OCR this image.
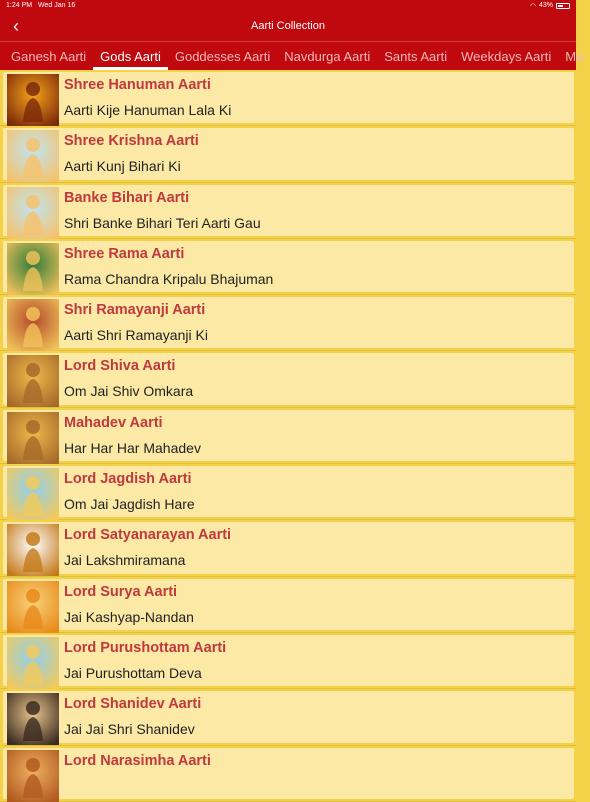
1:24 PM Wed Jan 16	◠ 43%
‹	Aarti Collection
Ganesh Aarti	Gods Aarti	Goddesses Aarti	Navdurga Aarti	Sants Aarti	Weekdays Aarti	Ma
Shree Hanuman Aarti
Aarti Kije Hanuman Lala Ki
Shree Krishna Aarti
Aarti Kunj Bihari Ki
Banke Bihari Aarti
Shri Banke Bihari Teri Aarti Gau
Shree Rama Aarti
Rama Chandra Kripalu Bhajuman
Shri Ramayanji Aarti
Aarti Shri Ramayanji Ki
Lord Shiva Aarti
Om Jai Shiv Omkara
Mahadev Aarti
Har Har Har Mahadev
Lord Jagdish Aarti
Om Jai Jagdish Hare
Lord Satyanarayan Aarti
Jai Lakshmiramana
Lord Surya Aarti
Jai Kashyap-Nandan
Lord Purushottam Aarti
Jai Purushottam Deva
Lord Shanidev Aarti
Jai Jai Shri Shanidev
Lord Narasimha Aarti
